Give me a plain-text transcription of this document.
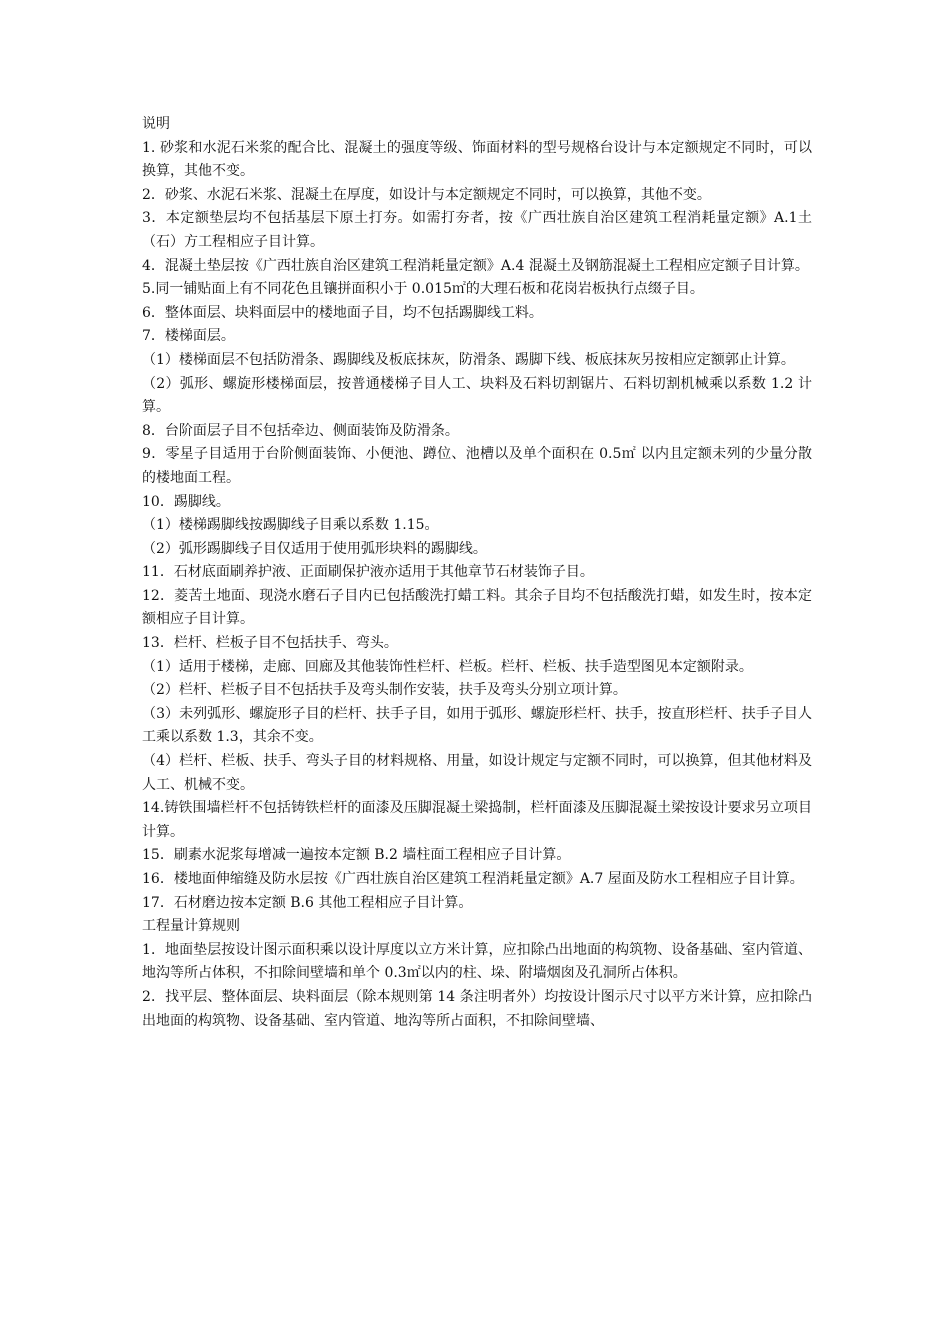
说明

1. 砂浆和水泥石米浆的配合比、混凝土的强度等级、饰面材料的型号规格台设计与本定额规定不同时，可以换算，其他不变。

2．砂浆、水泥石米浆、混凝土在厚度，如设计与本定额规定不同时，可以换算，其他不变。

3．本定额垫层均不包括基层下原土打夯。如需打夯者，按《广西壮族自治区建筑工程消耗量定额》A.1土（石）方工程相应子目计算。

4．混凝土垫层按《广西壮族自治区建筑工程消耗量定额》A.4 混凝土及钢筋混凝土工程相应定额子目计算。

5.同一铺贴面上有不同花色且镶拼面积小于 0.015㎡的大理石板和花岗岩板执行点缀子目。

6．整体面层、块料面层中的楼地面子目，均不包括踢脚线工料。

7．楼梯面层。

（1）楼梯面层不包括防滑条、踢脚线及板底抹灰，防滑条、踢脚下线、板底抹灰另按相应定额郭止计算。

（2）弧形、螺旋形楼梯面层，按普通楼梯子目人工、块料及石料切割锯片、石料切割机械乘以系数 1.2 计算。

8．台阶面层子目不包括牵边、侧面装饰及防滑条。

9．零星子目适用于台阶侧面装饰、小便池、蹲位、池槽以及单个面积在 0.5㎡ 以内且定额未列的少量分散的楼地面工程。

10．踢脚线。

（1）楼梯踢脚线按踢脚线子目乘以系数 1.15。

（2）弧形踢脚线子目仅适用于使用弧形块料的踢脚线。

11．石材底面刷养护液、正面刷保护液亦适用于其他章节石材装饰子目。

12．菱苦土地面、现浇水磨石子目内已包括酸洗打蜡工料。其余子目均不包括酸洗打蜡，如发生时，按本定额相应子目计算。

13．栏杆、栏板子目不包括扶手、弯头。

（1）适用于楼梯，走廊、回廊及其他装饰性栏杆、栏板。栏杆、栏板、扶手造型图见本定额附录。

（2）栏杆、栏板子目不包括扶手及弯头制作安装，扶手及弯头分别立项计算。

（3）未列弧形、螺旋形子目的栏杆、扶手子目，如用于弧形、螺旋形栏杆、扶手，按直形栏杆、扶手子目人工乘以系数 1.3，其余不变。

（4）栏杆、栏板、扶手、弯头子目的材料规格、用量，如设计规定与定额不同时，可以换算，但其他材料及人工、机械不变。

14.铸铁围墙栏杆不包括铸铁栏杆的面漆及压脚混凝土梁捣制，栏杆面漆及压脚混凝土梁按设计要求另立项目计算。

15．刷素水泥浆每增减一遍按本定额 B.2 墙柱面工程相应子目计算。

16．楼地面伸缩缝及防水层按《广西壮族自治区建筑工程消耗量定额》A.7 屋面及防水工程相应子目计算。

17．石材磨边按本定额 B.6 其他工程相应子目计算。

工程量计算规则

1．地面垫层按设计图示面积乘以设计厚度以立方米计算，应扣除凸出地面的构筑物、设备基础、室内管道、地沟等所占体积，不扣除间壁墙和单个 0.3㎡以内的柱、垛、附墙烟囱及孔洞所占体积。

2．找平层、整体面层、块料面层（除本规则第 14 条注明者外）均按设计图示尺寸以平方米计算，应扣除凸出地面的构筑物、设备基础、室内管道、地沟等所占面积，不扣除间壁墙、
